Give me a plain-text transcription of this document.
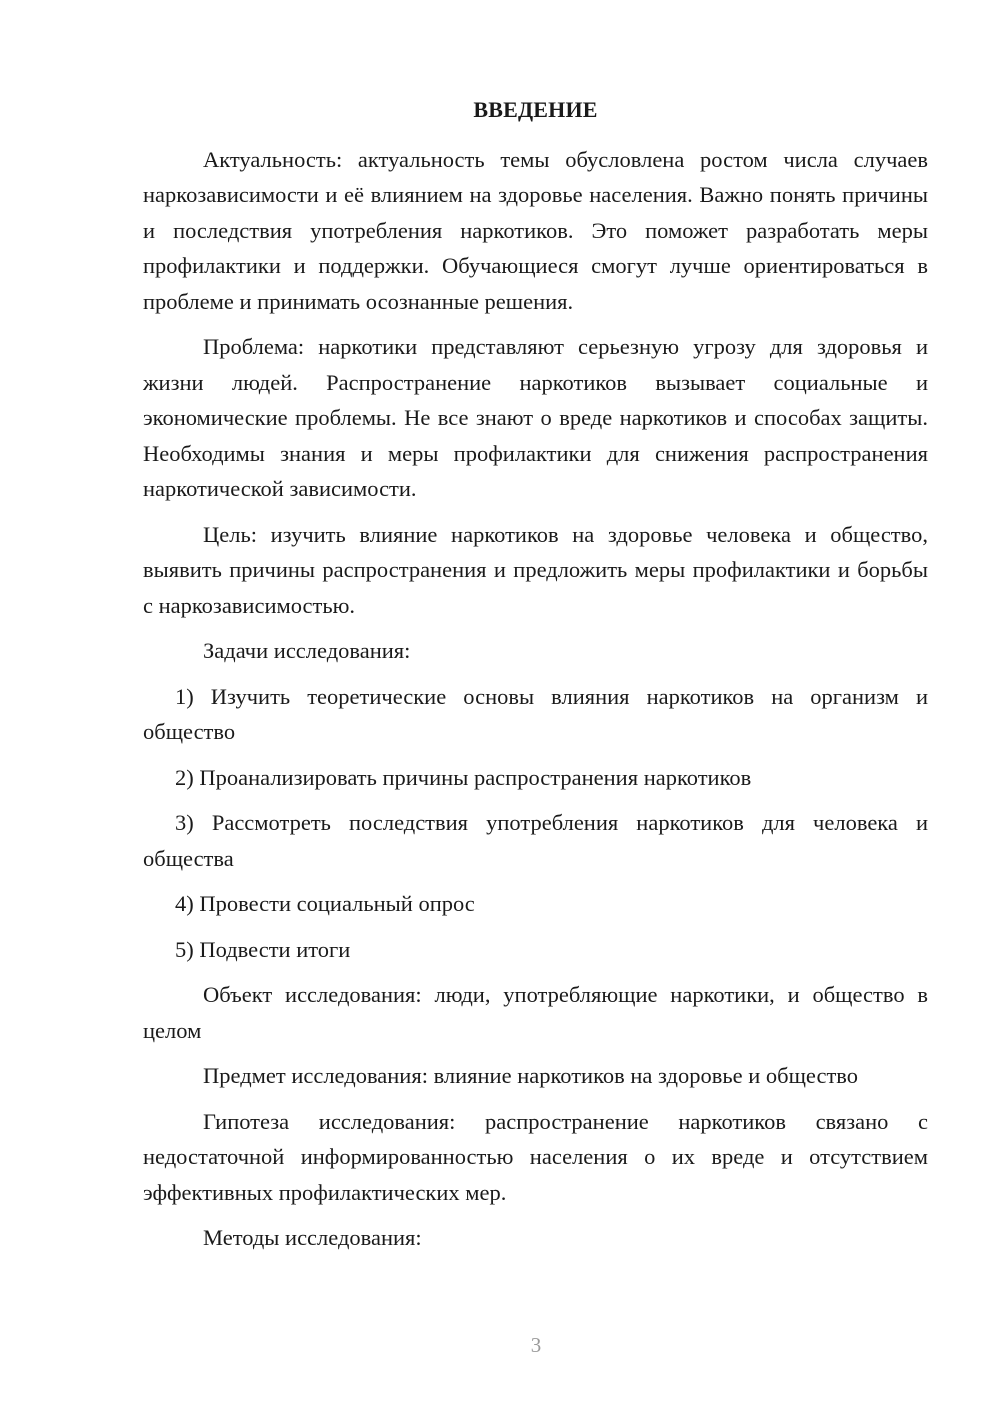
ВВЕДЕНИЕ

Актуальность: актуальность темы обусловлена ростом числа случаев наркозависимости и её влиянием на здоровье населения. Важно понять причины и последствия употребления наркотиков. Это поможет разработать меры профилактики и поддержки. Обучающиеся смогут лучше ориентироваться в проблеме и принимать осознанные решения.

Проблема: наркотики представляют серьезную угрозу для здоровья и жизни людей. Распространение наркотиков вызывает социальные и экономические проблемы. Не все знают о вреде наркотиков и способах защиты. Необходимы знания и меры профилактики для снижения распространения наркотической зависимости.

Цель: изучить влияние наркотиков на здоровье человека и общество, выявить причины распространения и предложить меры профилактики и борьбы с наркозависимостью.

Задачи исследования:

1) Изучить теоретические основы влияния наркотиков на организм и общество

2) Проанализировать причины распространения наркотиков

3) Рассмотреть последствия употребления наркотиков для человека и общества

4) Провести социальный опрос

5) Подвести итоги

Объект исследования: люди, употребляющие наркотики, и общество в целом

Предмет исследования: влияние наркотиков на здоровье и общество

Гипотеза исследования: распространение наркотиков связано с недостаточной информированностью населения о их вреде и отсутствием эффективных профилактических мер.

Методы исследования:

3
